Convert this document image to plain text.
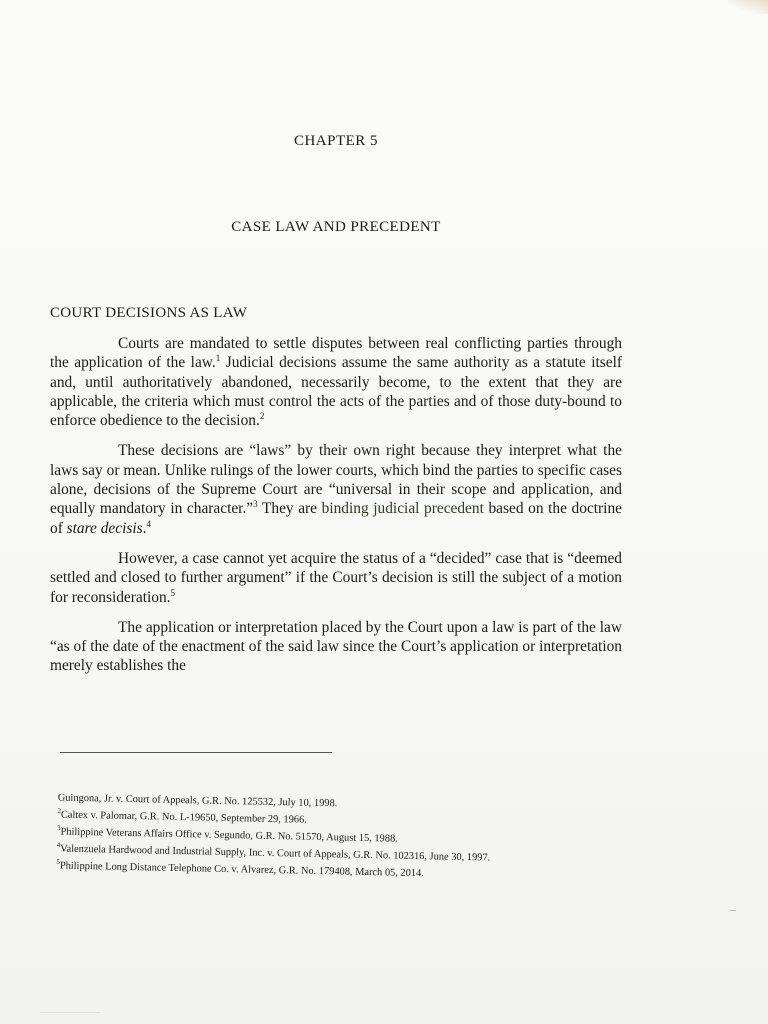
CHAPTER 5
CASE LAW AND PRECEDENT
COURT DECISIONS AS LAW

Courts are mandated to settle disputes between real conflicting parties through the application of the law.$^1$ Judicial decisions assume the same authority as a statute itself and, until authoritatively abandoned, necessarily become, to the extent that they are applicable, the criteria which must control the acts of the parties and of those duty-bound to enforce obedience to the decision.$^2$

These decisions are “laws” by their own right because they interpret what the laws say or mean. Unlike rulings of the lower courts, which bind the parties to specific cases alone, decisions of the Supreme Court are “universal in their scope and application, and equally mandatory in character.”$^3$ They are binding judicial precedent based on the doctrine of stare decisis.$^4$

However, a case cannot yet acquire the status of a “decided” case that is “deemed settled and closed to further argument” if the Court’s decision is still the subject of a motion for reconsideration.$^5$

The application or interpretation placed by the Court upon a law is part of the law “as of the date of the enactment of the said law since the Court’s application or interpretation merely establishes the

Guingona, Jr. v. Court of Appeals, G.R. No. 125532, July 10, 1998.

$^2$Caltex v. Palomar, G.R. No. L-19650, September 29, 1966.

$^3$Philippine Veterans Affairs Office v. Segundo, G.R. No. 51570, August 15, 1988.

$^4$Valenzuela Hardwood and Industrial Supply, Inc. v. Court of Appeals, G.R. No. 102316, June 30, 1997.

$^5$Philippine Long Distance Telephone Co. v. Alvarez, G.R. No. 179408, March 05, 2014.
